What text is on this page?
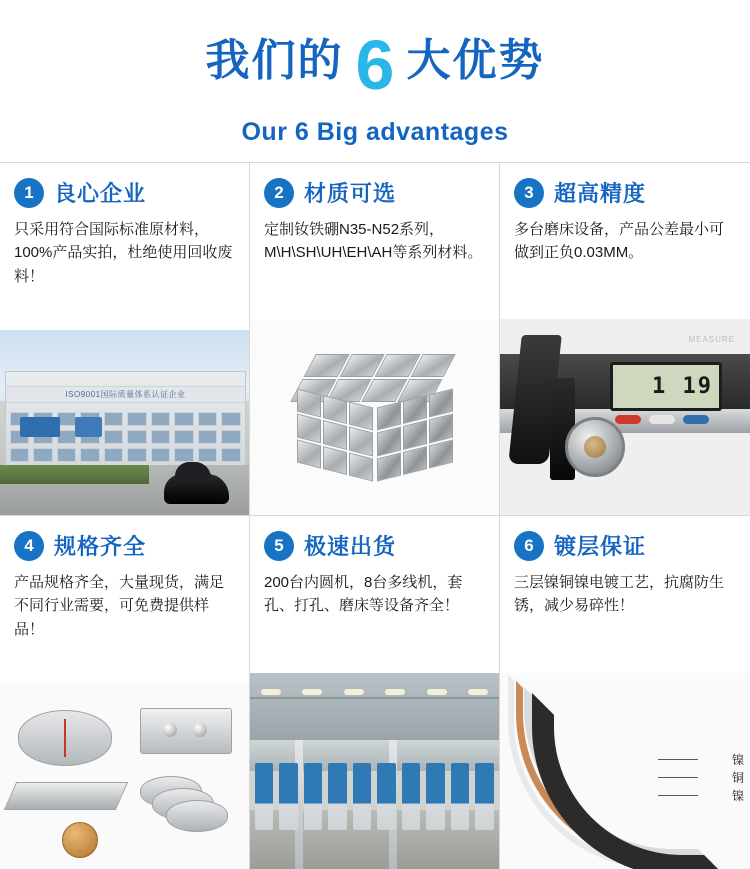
我们的 6 大优势
Our 6 Big advantages
1 良心企业

只采用符合国际标准原材料，100%产品实拍，杜绝使用回收废料！

ISO9001国际质量体系认证企业
2 材质可选

定制钕铁硼N35-N52系列，M\H\SH\UH\EH\AH等系列材料。

3 超高精度

多台磨床设备，产品公差最小可做到正负0.03MM。

MEASURE
1 19
4 规格齐全

产品规格齐全，大量现货，满足不同行业需要，可免费提供样品！

5 极速出货

200台内圆机，8台多线机，套孔、打孔、磨床等设备齐全！

6 镀层保证

三层镍铜镍电镀工艺，抗腐防生锈，减少易碎性！

镍
铜
镍
